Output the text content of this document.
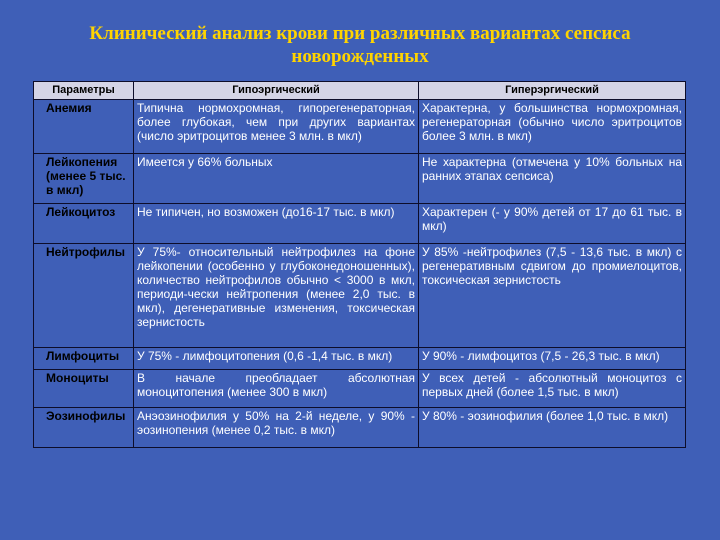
Клинический анализ крови при различных вариантах сепсиса
новорожденных
Параметры	Гипоэргический	Гиперэргический
Анемия	Типична нормохромная, гипорегенераторная, более глубокая, чем при других вариантах (число эритроцитов менее 3 млн. в мкл)	Характерна, у большинства нормохромная, регенераторная (обычно число эритроцитов более 3 млн. в мкл)
Лейкопения (менее 5 тыс. в мкл)	Имеется у 66% больных	Не характерна (отмечена у 10% больных на ранних этапах сепсиса)
Лейкоцитоз	Не типичен, но возможен (до16-17 тыс. в мкл)	Характерен (- у 90% детей от 17 до 61 тыс. в мкл)
Нейтрофилы	У 75%- относительный нейтрофилез на фоне лейкопении (особенно у глубоконедоношенных), количество нейтрофилов обычно < 3000 в мкл, периоди-чески нейтропения (менее 2,0 тыс. в мкл), дегенеративные изменения, токсическая зернистость	У 85% -нейтрофилез (7,5 - 13,6 тыс. в мкл) с регенеративным сдвигом до промиелоцитов, токсическая зернистость
Лимфоциты	У 75% - лимфоцитопения (0,6 -1,4 тыс. в мкл)	У 90% - лимфоцитоз (7,5 - 26,3 тыс. в мкл)
Моноциты	В начале преобладает абсолютная моноцитопения (менее 300 в мкл)	У всех детей - абсолютный моноцитоз с первых дней (более 1,5 тыс. в мкл)
Эозинофилы	Анэозинофилия у 50% на 2-й неделе, у 90% - эозинопения (менее 0,2 тыс. в мкл)	У 80% - эозинофилия (более 1,0 тыс. в мкл)
